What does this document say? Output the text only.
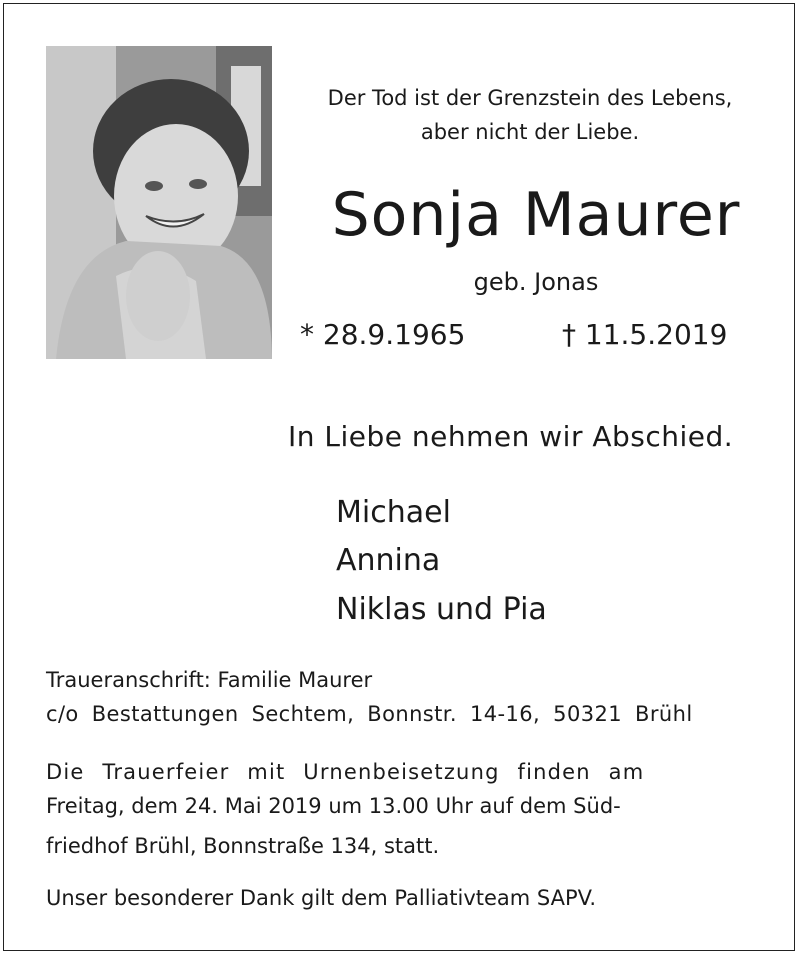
Der Tod ist der Grenzstein des Lebens,

aber nicht der Liebe.

Sonja Maurer

geb. Jonas

* 28.9.1965	† 11.5.2019

In Liebe nehmen wir Abschied.

Michael

Annina

Niklas und Pia

Traueranschrift: Familie Maurer

c/o Bestattungen Sechtem, Bonnstr. 14-16, 50321 Brühl

Die Trauerfeier mit Urnenbeisetzung finden am

Freitag, dem 24. Mai 2019 um 13.00 Uhr auf dem Süd-

friedhof Brühl, Bonnstraße 134, statt.

Unser besonderer Dank gilt dem Palliativteam SAPV.
